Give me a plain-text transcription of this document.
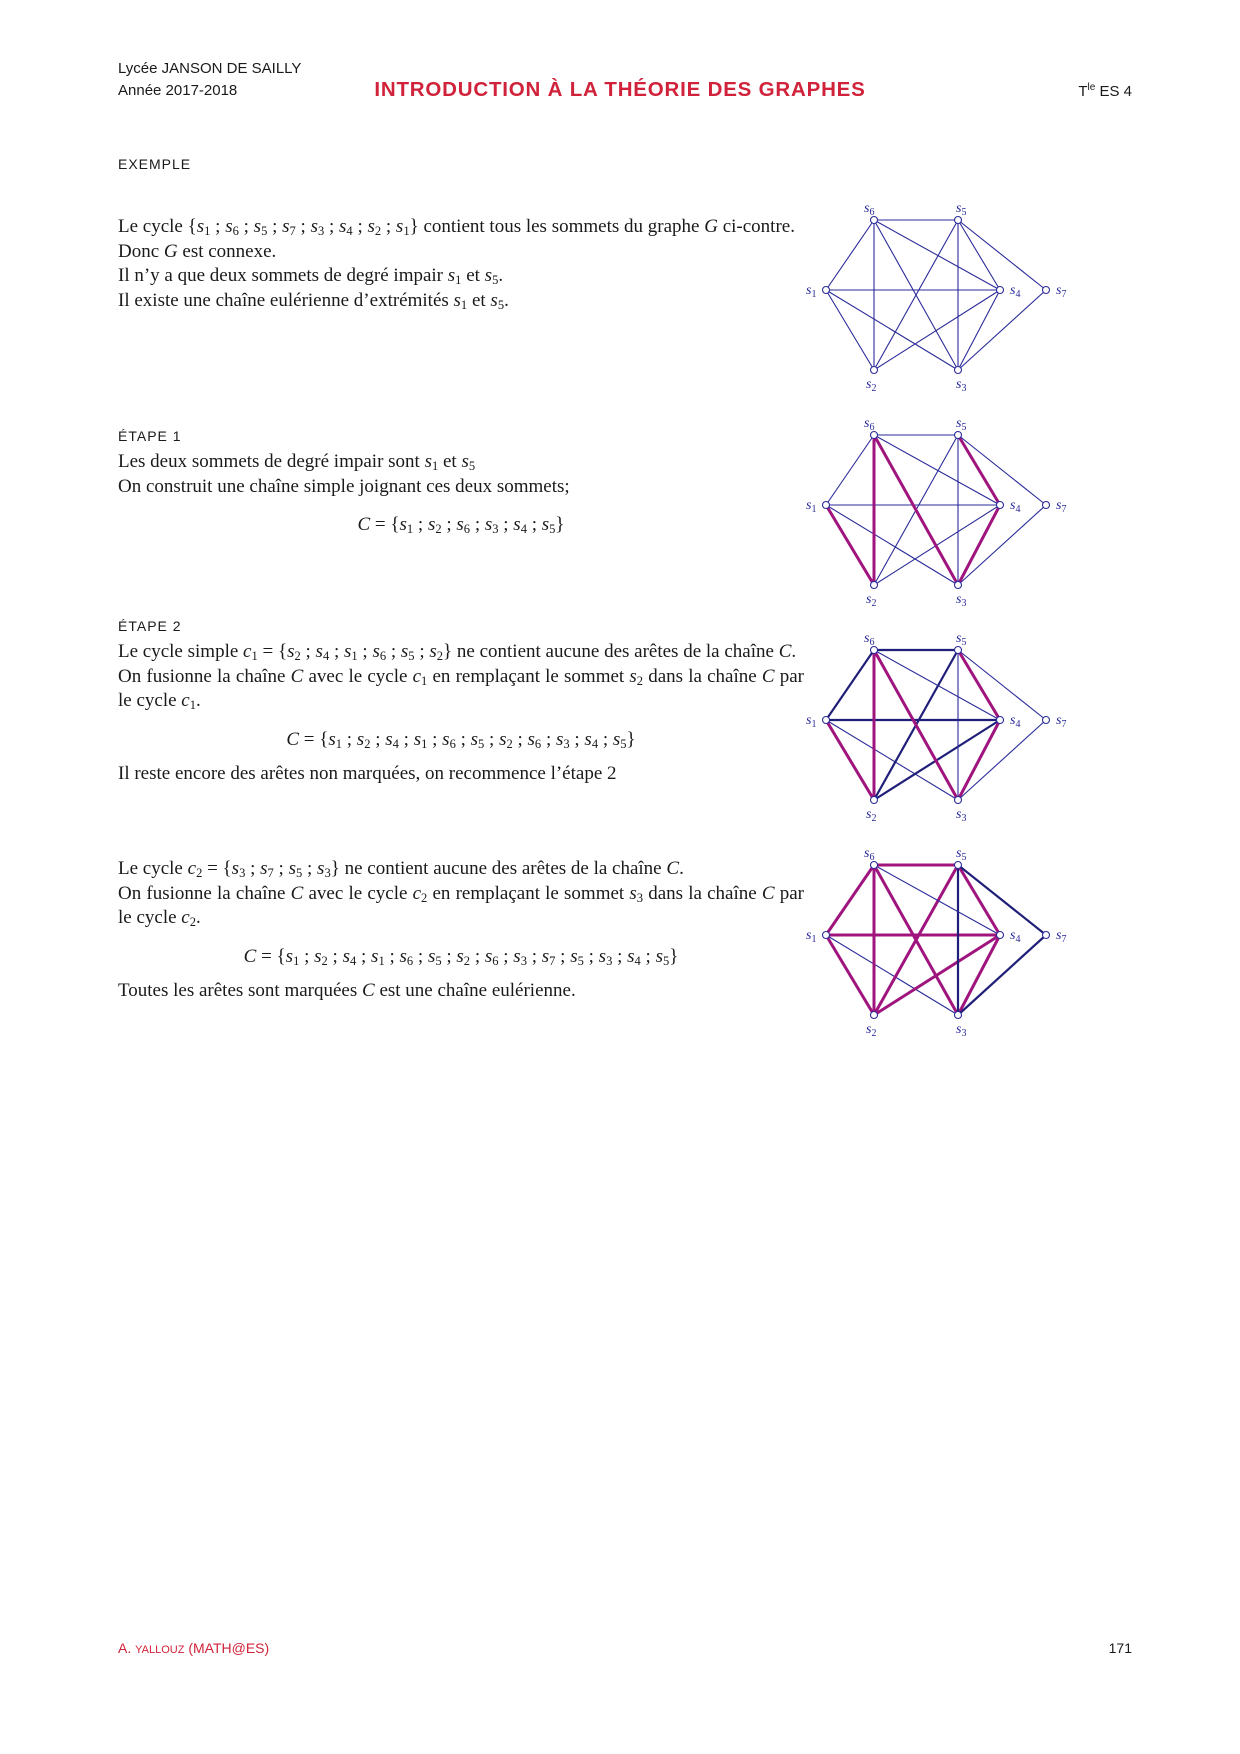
Lycée JANSON DE SAILLY
Année 2017-2018	INTRODUCTION À LA THÉORIE DES GRAPHES	$T^{le}$ ES 4
EXEMPLE

Le cycle {$s_1$ ; $s_6$ ; $s_5$ ; $s_7$ ; $s_3$ ; $s_4$ ; $s_2$ ; $s_1$} contient tous les sommets du graphe G ci-contre.

Donc G est connexe.

Il n’y a que deux sommets de degré impair $s_1$ et $s_5$.

Il existe une chaîne eulérienne d’extrémités $s_1$ et $s_5$.

ÉTAPE 1

Les deux sommets de degré impair sont $s_1$ et $s_5$

On construit une chaîne simple joignant ces deux sommets;

$C = \{s_1$ ; $s_2$ ; $s_6$ ; $s_3$ ; $s_4$ ; $s_5$}
ÉTAPE 2

Le cycle simple $c_1 = \{s_2$ ; $s_4$ ; $s_1$ ; $s_6$ ; $s_5$ ; $s_2$} ne contient aucune des arêtes de la chaîne C.

On fusionne la chaîne C avec le cycle $c_1$ en remplaçant le sommet $s_2$ dans la chaîne C par le cycle $c_1$.

$C = \{s_1$ ; $s_2$ ; $s_4$ ; $s_1$ ; $s_6$ ; $s_5$ ; $s_2$ ; $s_6$ ; $s_3$ ; $s_4$ ; $s_5$}

Il reste encore des arêtes non marquées, on recommence l’étape 2

Le cycle $c_2 = \{s_3$ ; $s_7$ ; $s_5$ ; $s_3$} ne contient aucune des arêtes de la chaîne C.

On fusionne la chaîne C avec le cycle $c_2$ en remplaçant le sommet $s_3$ dans la chaîne C par le cycle $c_2$.

$C = \{s_1$ ; $s_2$ ; $s_4$ ; $s_1$ ; $s_6$ ; $s_5$ ; $s_2$ ; $s_6$ ; $s_3$ ; $s_7$ ; $s_5$ ; $s_3$ ; $s_4$ ; $s_5$}

Toutes les arêtes sont marquées C est une chaîne eulérienne.

$s_1$
$s_2$	$s_3$
$s_4$
$s_5$
$s_6$
$s_7$
$s_1$
$s_2$	$s_3$
$s_4$
$s_5$
$s_6$
$s_7$
$s_1$
$s_2$	$s_3$
$s_4$
$s_5$
$s_6$
$s_7$
$s_1$
$s_2$	$s_3$
$s_4$
$s_5$
$s_6$
$s_7$
A. YALLOUZ (MATH@ES)	171
